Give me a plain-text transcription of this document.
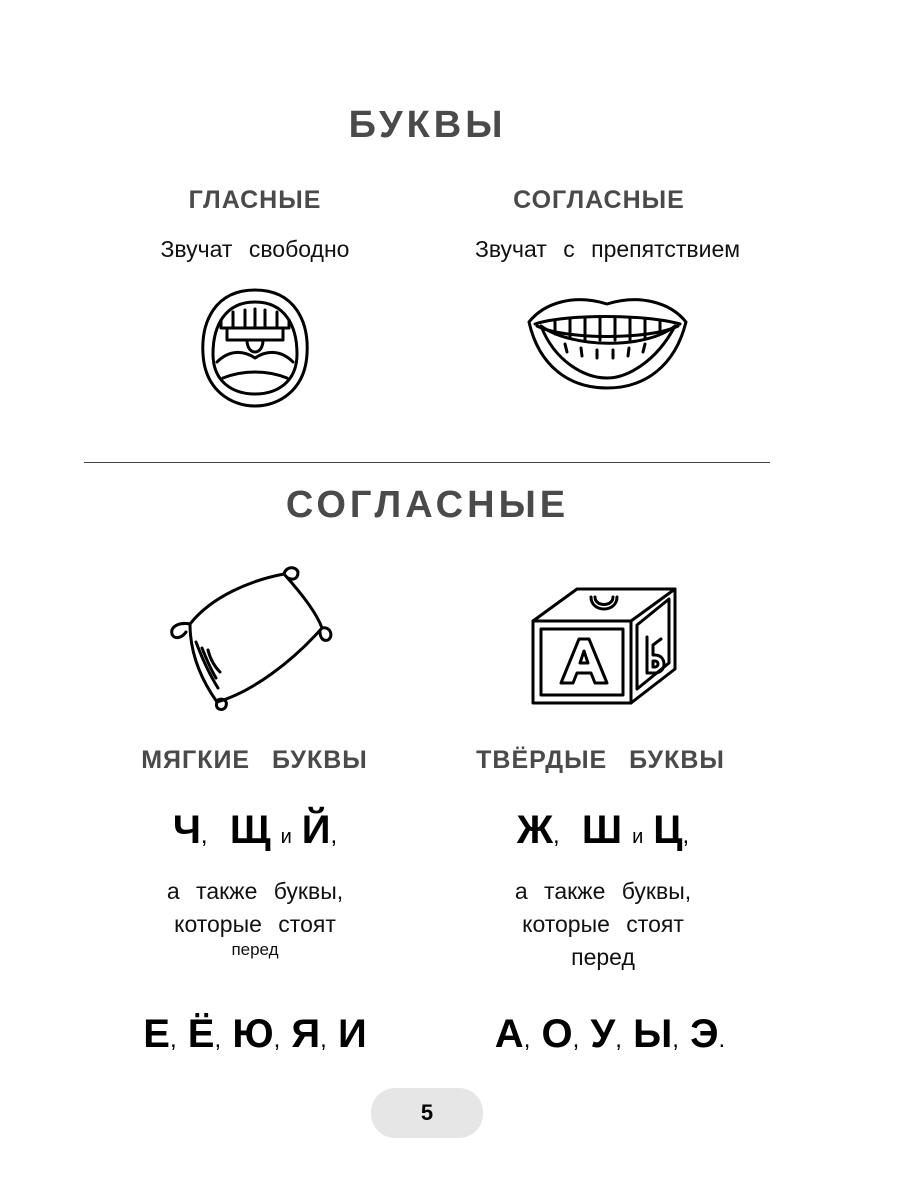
БУКВЫ
ГЛАСНЫЕ
Звучат свободно
СОГЛАСНЫЕ
Звучат с препятствием
СОГЛАСНЫЕ
МЯГКИЕ БУКВЫ
Ч, Щ и Й,
а также буквы,
которые стоят
перед
Е, Ё, Ю, Я, И
ТВЁРДЫЕ БУКВЫ
Ж, Ш и Ц,
а также буквы,
которые стоят
перед
А, О, У, Ы, Э.
5
